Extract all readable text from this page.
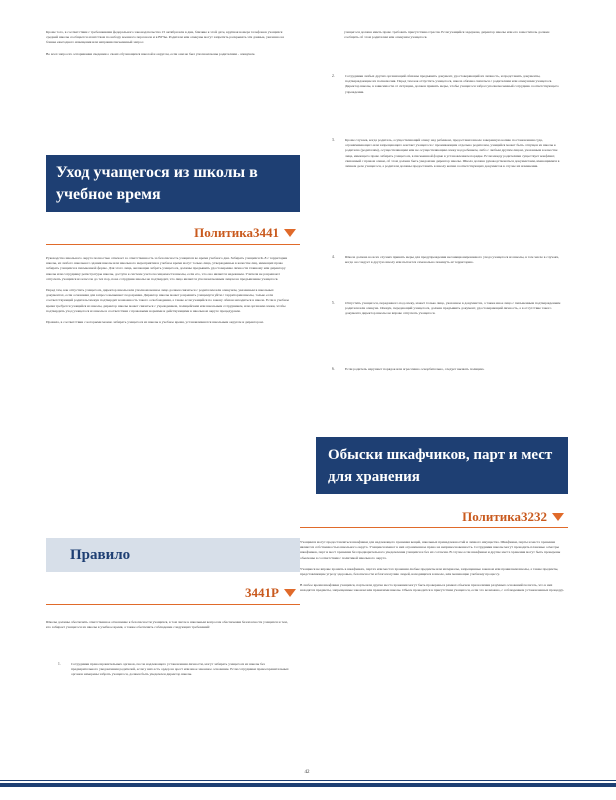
Кроме того, в соответствии с требованиями федерального законодательства 13 октября или в дни, близкие к этой дате, крупная номера телефонов учащихся средней школы сообщается агентствам по набору военного персонала и в ВУЗы. Родители или опекуны могут запретить раскрывать эти данные, указанно на бланке ежегодного извещения или направив письменный запрос.

Во всех запросах оспаривания сведения о своих обучающихся школой и округом, если они не был уполномочены родителями - опекуном.

Уход учащегося из школы в
учебное время
Политика3441

Руководство школьного округа полностью отвечает за ответственность за безопасность учащихся во время учебного дня. Забирать учащихся К–8 с территории школы, из любого школьного здания школы или школьного мероприятия в учебное время могут только лица, утвержденные в качестве лиц, имеющих право забирать учащихся в письменной форме. Для этого лица, желающие забрать учащегося, должны предъявить удостоверение личности главному или директору школы или сотруднику регистратуры школы, доступа к системе учета посещаемости школы, если его, что оно является надежным. Учителя не разрешают отпускать учащихся из классов до тех пор, пока сотрудник школы не подтвердит, что лицо является уполномоченным лицом на предъявление учащегося.

Перед тем, как отпустить учащегося, директор школы или уполномоченное лицо должен связаться с родителем или опекуном, указанным в школьных документах, если основания для запроса вызывают подозрения. Директор школы может разрешить учащемуся уйти с территории школы, только если соответствующий родитель/опекун подтвердит возможность такого освобождения, а также если учащийся по закону обязан находиться в школе. Если в учебное время требуется учащийся из школы, директор школы может связаться с учреждением, полицейским или школьным сотрудником, или органами опеки, чтобы подтвердить уход учащегося из школы в соответствии с правовыми нормами и действующими в школьном округе процедурами.

Правила, в соответствии с которыми можно забирать учащегося из школы в учебное время, устанавливаются школьным округом и директором.

Правило
3441Р

Школы должны обеспечить ответственное отношение к безопасности учащихся, в том числе к школьным вопросам обеспечения безопасности учащихся и тем, кто забирает учащегося из школы в учебное время, а также обеспечить соблюдение следующих требований:

1.	Сотрудники правоохранительных органов, после надлежащего установления личности, могут забирать учащегося из школы без предварительного уведомления родителей, если у них есть ордер на арест или иное законное основание. Если сотрудники правоохранительных органов намерены забрать учащегося, должен быть уведомлен директор школы.

учащегося должна иметь право требовать присутствия отрасли. Если учащийся задержан, директор школы или его заместитель должен сообщить об этом родителям или опекунам учащегося.

2.	Сотрудники любых других организаций обязаны предъявить документ, удостоверяющий их личность, и представить документы, подтверждающие их полномочия. Перед тем как отпустить учащегося, школа обязана связаться с родителями или опекунами учащегося. Директор школы, в зависимости от ситуации, должен принять меры, чтобы учащегося забрал уполномоченный сотрудник соответствующего учреждения.
3.	Кроме случаев, когда родитель, осуществляющий опеку над ребенком, предоставил школе заверенную копию постановления суда, ограничивающего или запрещающего контакт учащегося с проживающим отдельно родителем, учащийся может быть отпущен из школы к родителю (родителям), осуществляющим или не осуществляющим опеку над ребенком, либо с любым другим лицом, указанным в качестве лица, имеющего право забирать учащегося, в письменной форме в установленном порядке. Если между родителями существует конфликт, связанный с правом опеки, об этом должен быть уведомлен директор школы. Школа должна руководствоваться документами, имеющимися в личном деле учащегося, а родители должны предоставить в школу копии соответствующих документов в случае их изменения.
4.	Школа должна во всех случаях принять меры для предупреждения несанкционированного ухода учащегося из школы, в том числе в случаях, когда он следует в другую школу или пытается самовольно покинуть её территорию.
5.	Отпустить учащегося, переданного под опеку, может только лицо, указанное в документах, а также иное лицо с письменным подтверждением родителя или опекуна. Опекун, передающий учащегося, должен предъявить документ, удостоверяющий личность, а в отсутствие такого документа директор школы не вправе отпускать учащегося.
6.	Если родитель нарушает порядок или агрессивно оскорбительно, следует вызвать полицию.
Обыски шкафчиков, парт и мест
для хранения
Политика3232

Учащимся могут предоставляться шкафчики для надлежащего хранения вещей, школьных принадлежностей и личного имущества. Шкафчики, парты и места хранения являются собственностью школьного округа. Учащиеся имеют в них ограниченное право на неприкосновенность. Сотрудники школы могут проводить плановые осмотры шкафчиков, парт и мест хранения без предварительного уведомления учащихся и без их согласия. В случае если шкафчики и другие места хранения могут быть проверены обысканы в соответствии с политикой школьного округа.

Учащиеся не вправе хранить в шкафчиках, партах или местах хранения любые предметы или материалы, запрещенные законом или правилами школы, а также предметы, представляющие угрозу здоровью, безопасности и благополучию людей, находящихся в школе, или мешающие учебному процессу.

В любое время шкафчики учащихся, парты или другие места хранения могут быть проверены в рамках обысков при наличии разумных оснований полагать, что в них находятся предметы, запрещенные законом или правилами школы. Обыск проводится в присутствии учащегося, если это возможно, с соблюдением установленных процедур.

42
